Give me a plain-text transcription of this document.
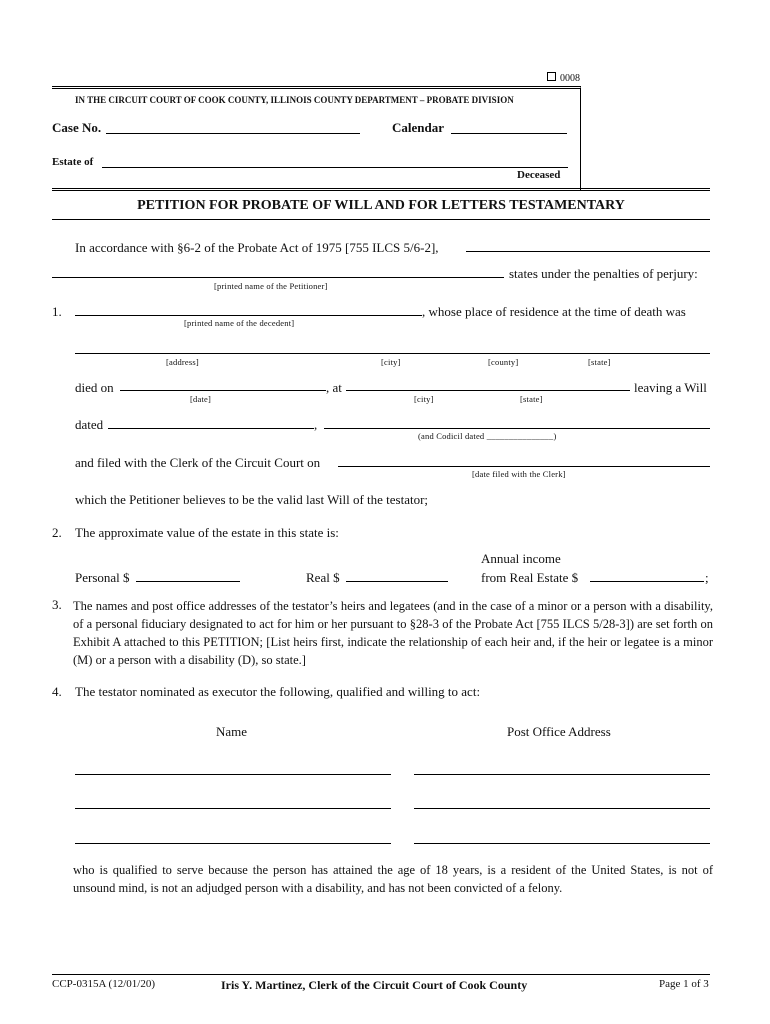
0008
IN THE CIRCUIT COURT OF COOK COUNTY, ILLINOIS COUNTY DEPARTMENT – PROBATE DIVISION
Case No.	Calendar
Estate of
Deceased
PETITION FOR PROBATE OF WILL AND FOR LETTERS TESTAMENTARY
In accordance with §6-2 of the Probate Act of 1975 [755 ILCS 5/6-2],
states under the penalties of perjury:
[printed name of the Petitioner]
1.	, whose place of residence at the time of death was
[printed name of the decedent]
[address]	[city]	[county]	[state]
died on	, at	leaving a Will
[date]	[city]	[state]
dated	,
(and Codicil dated _______________)
and filed with the Clerk of the Circuit Court on
[date filed with the Clerk]
which the Petitioner believes to be the valid last Will of the testator;
2. The approximate value of the estate in this state is:
Annual income
Personal $	Real $	from Real Estate $	;
3. The names and post office addresses of the testator’s heirs and legatees (and in the case of a minor or a person with a disability, of a personal fiduciary designated to act for him or her pursuant to §28-3 of the Probate Act [755 ILCS 5/28-3]) are set forth on Exhibit A attached to this PETITION; [List heirs first, indicate the relationship of each heir and, if the heir or legatee is a minor (M) or a person with a disability (D), so state.]
4. The testator nominated as executor the following, qualified and willing to act:
Name	Post Office Address
who is qualified to serve because the person has attained the age of 18 years, is a resident of the United States, is not of unsound mind, is not an adjudged person with a disability, and has not been convicted of a felony.
CCP-0315A (12/01/20)	Iris Y. Martinez, Clerk of the Circuit Court of Cook County	Page 1 of 3
